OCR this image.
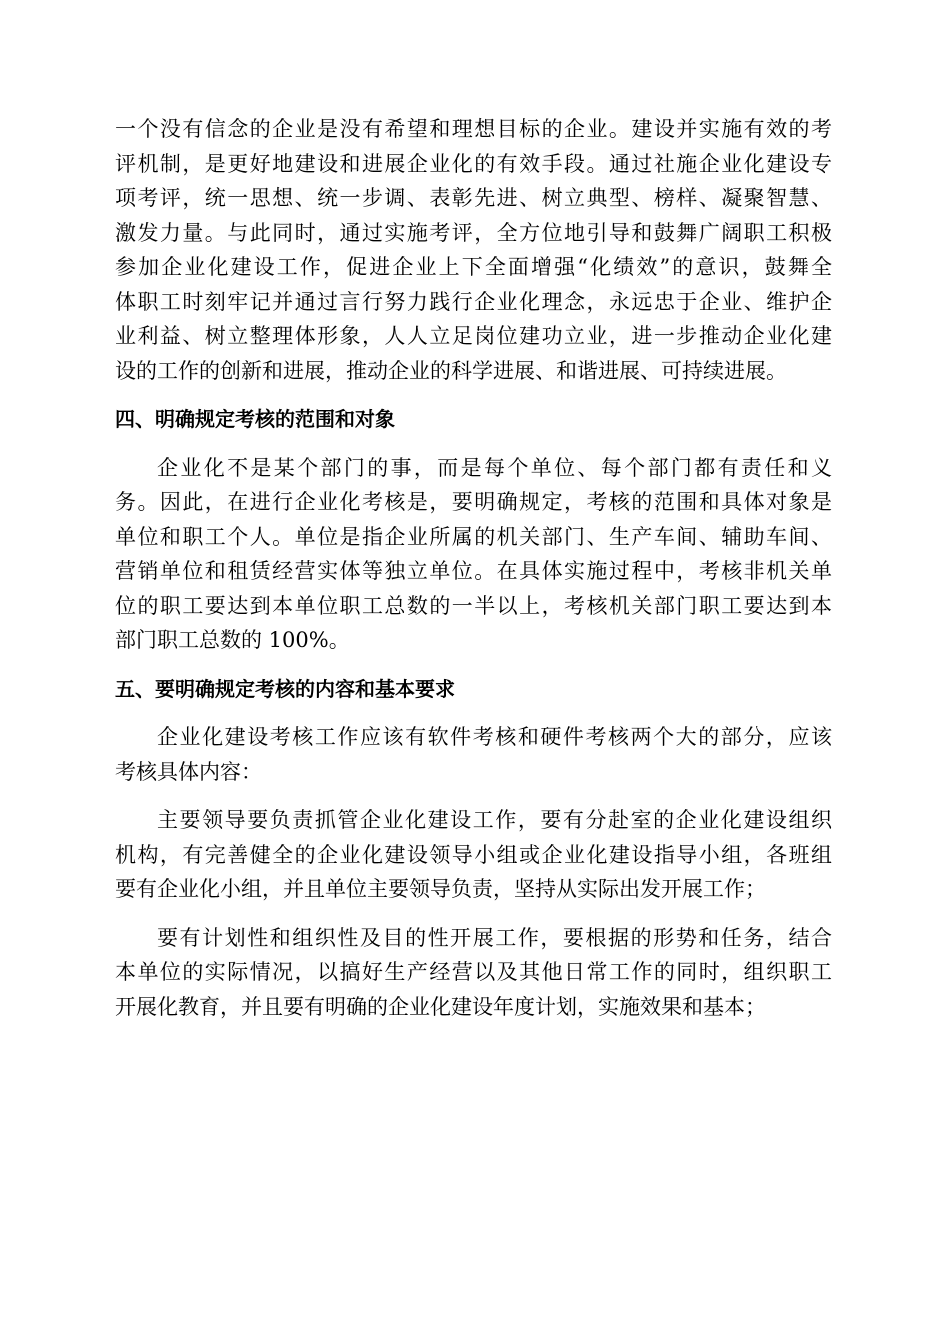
一个没有信念的企业是没有希望和理想目标的企业。建设并实施有效的考
评机制，是更好地建设和进展企业化的有效手段。通过社施企业化建设专
项考评，统一思想、统一步调、表彰先进、树立典型、榜样、凝聚智慧、
激发力量。与此同时，通过实施考评，全方位地引导和鼓舞广阔职工积极
参加企业化建设工作，促进企业上下全面增强“化绩效”的意识，鼓舞全
体职工时刻牢记并通过言行努力践行企业化理念，永远忠于企业、维护企
业利益、树立整理体形象，人人立足岗位建功立业，进一步推动企业化建
设的工作的创新和进展，推动企业的科学进展、和谐进展、可持续进展。
四、明确规定考核的范围和对象
企业化不是某个部门的事，而是每个单位、每个部门都有责任和义
务。因此，在进行企业化考核是，要明确规定，考核的范围和具体对象是
单位和职工个人。单位是指企业所属的机关部门、生产车间、辅助车间、
营销单位和租赁经营实体等独立单位。在具体实施过程中，考核非机关单
位的职工要达到本单位职工总数的一半以上，考核机关部门职工要达到本
部门职工总数的 100%。
五、要明确规定考核的内容和基本要求
企业化建设考核工作应该有软件考核和硬件考核两个大的部分，应该
考核具体内容：
主要领导要负责抓管企业化建设工作，要有分赴室的企业化建设组织
机构，有完善健全的企业化建设领导小组或企业化建设指导小组，各班组
要有企业化小组，并且单位主要领导负责，坚持从实际出发开展工作；
要有计划性和组织性及目的性开展工作，要根据的形势和任务，结合
本单位的实际情况，以搞好生产经营以及其他日常工作的同时，组织职工
开展化教育，并且要有明确的企业化建设年度计划，实施效果和基本；
